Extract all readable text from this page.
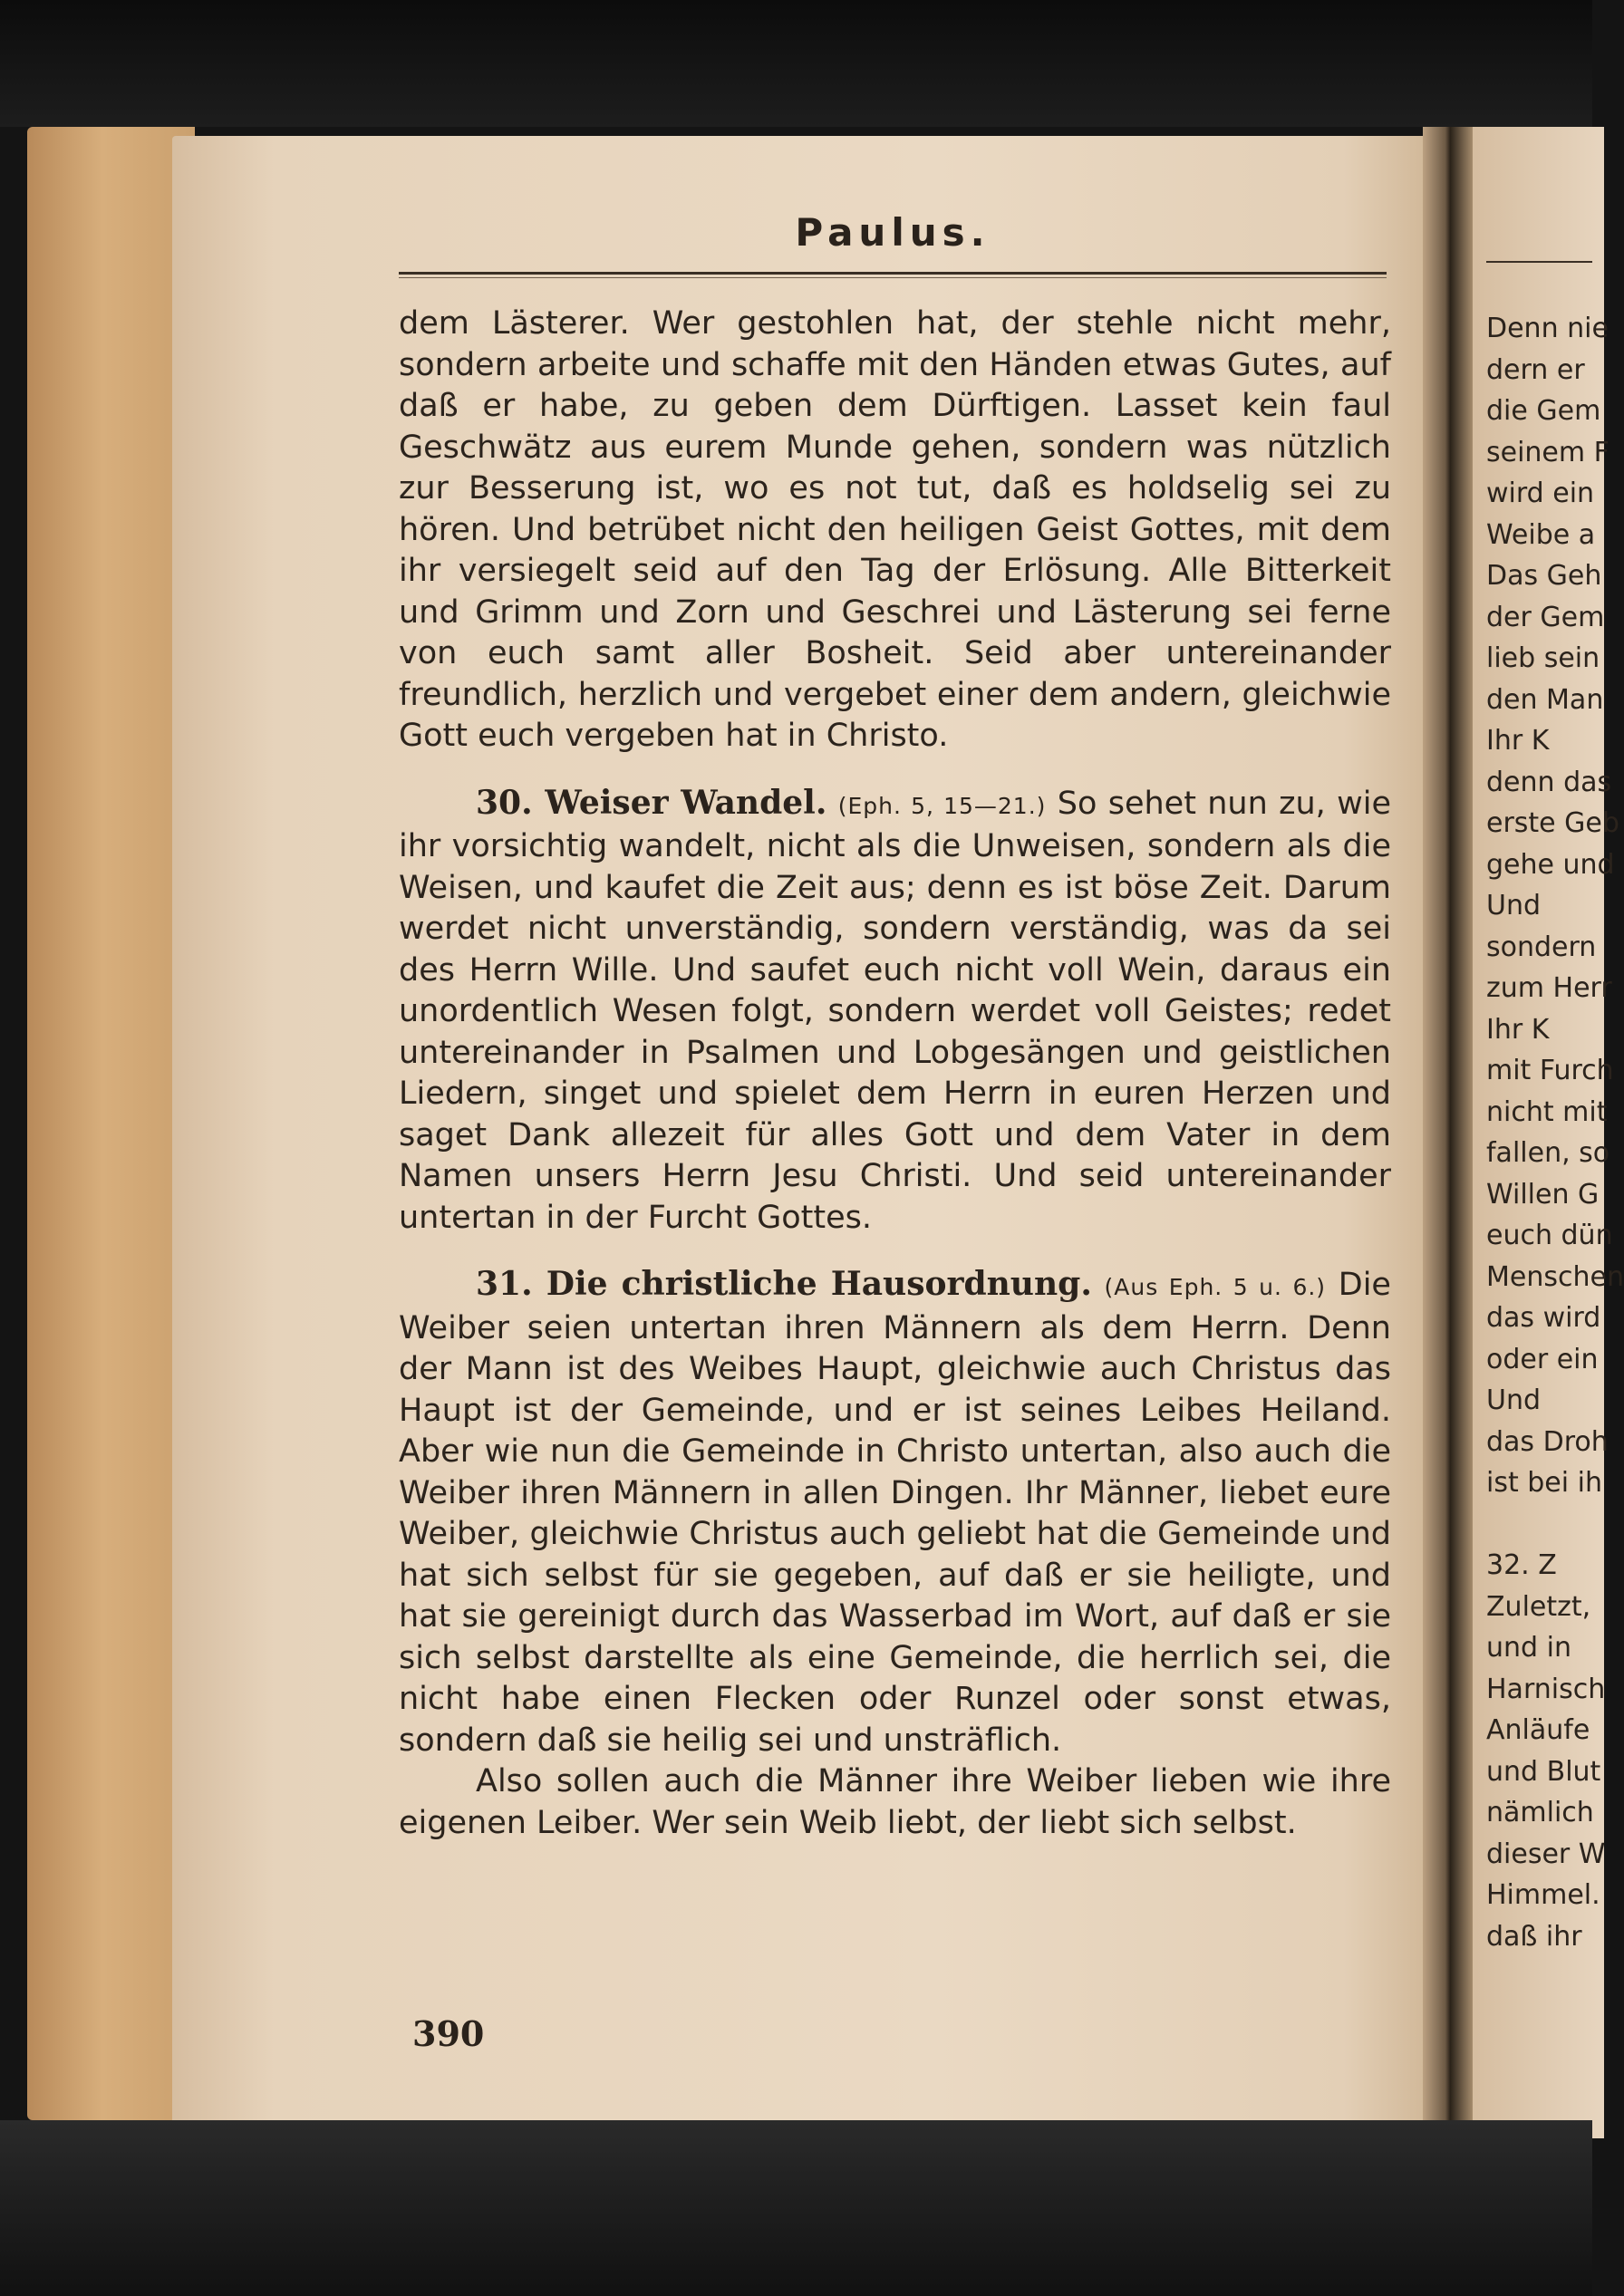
Paulus.

dem Lästerer. Wer gestohlen hat, der stehle nicht mehr, sondern arbeite und schaffe mit den Händen etwas Gutes, auf daß er habe, zu geben dem Dürftigen. Lasset kein faul Geschwätz aus eurem Munde gehen, sondern was nützlich zur Besserung ist, wo es not tut, daß es holdselig sei zu hören. Und betrübet nicht den heiligen Geist Gottes, mit dem ihr versiegelt seid auf den Tag der Erlösung. Alle Bitterkeit und Grimm und Zorn und Geschrei und Lästerung sei ferne von euch samt aller Bosheit. Seid aber untereinander freundlich, herzlich und vergebet einer dem andern, gleichwie Gott euch vergeben hat in Christo.

30. Weiser Wandel. (Eph. 5, 15—21.) So sehet nun zu, wie ihr vorsichtig wandelt, nicht als die Unweisen, sondern als die Weisen, und kaufet die Zeit aus; denn es ist böse Zeit. Darum werdet nicht unverständig, sondern verständig, was da sei des Herrn Wille. Und saufet euch nicht voll Wein, daraus ein unordentlich Wesen folgt, sondern werdet voll Geistes; redet untereinander in Psalmen und Lobgesängen und geistlichen Liedern, singet und spielet dem Herrn in euren Herzen und saget Dank allezeit für alles Gott und dem Vater in dem Namen unsers Herrn Jesu Christi. Und seid untereinander untertan in der Furcht Gottes.

31. Die christliche Hausordnung. (Aus Eph. 5 u. 6.) Die Weiber seien untertan ihren Männern als dem Herrn. Denn der Mann ist des Weibes Haupt, gleichwie auch Christus das Haupt ist der Gemeinde, und er ist seines Leibes Heiland. Aber wie nun die Gemeinde in Christo untertan, also auch die Weiber ihren Männern in allen Dingen. Ihr Männer, liebet eure Weiber, gleichwie Christus auch geliebt hat die Gemeinde und hat sich selbst für sie gegeben, auf daß er sie heiligte, und hat sie gereinigt durch das Wasserbad im Wort, auf daß er sie sich selbst darstellte als eine Gemeinde, die herrlich sei, die nicht habe einen Flecken oder Runzel oder sonst etwas, sondern daß sie heilig sei und unsträflich.

Also sollen auch die Männer ihre Weiber lieben wie ihre eigenen Leiber. Wer sein Weib liebt, der liebt sich selbst.

390
Denn nie
dern er
die Gem
seinem F
wird ein
Weibe a
Das Geh
der Gem
lieb sein
den Man
Ihr K
denn das
erste Geb
gehe und
Und
sondern
zum Herr
Ihr K
mit Furch
nicht mit
fallen, so
Willen G
euch dün
Menschen
das wird
oder ein
Und
das Droh
ist bei ih
32. Z
Zuletzt,
und in
Harnisch
Anläufe
und Blut
nämlich
dieser W
Himmel.
daß ihr
